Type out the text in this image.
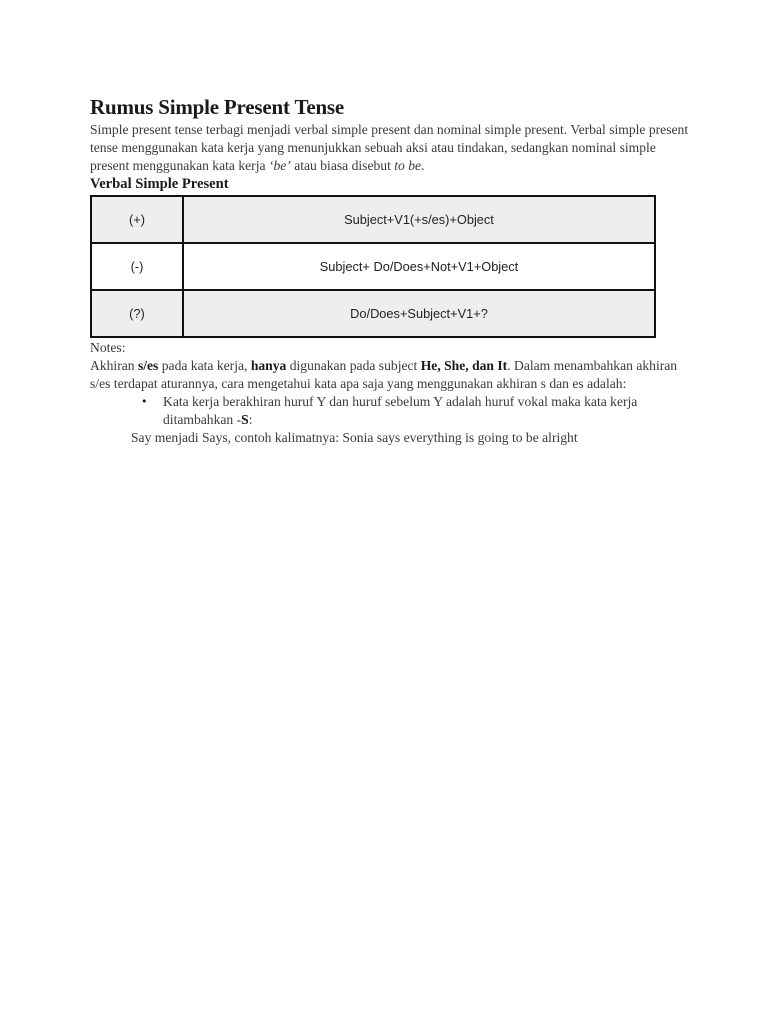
Rumus Simple Present Tense

Simple present tense terbagi menjadi verbal simple present dan nominal simple present. Verbal simple present tense menggunakan kata kerja yang menunjukkan sebuah aksi atau tindakan, sedangkan nominal simple present menggunakan kata kerja ‘be’ atau biasa disebut to be.

Verbal Simple Present
(+)	Subject+V1(+s/es)+Object
(-)	Subject+ Do/Does+Not+V1+Object
(?)	Do/Does+Subject+V1+?
Notes:

Akhiran s/es pada kata kerja, hanya digunakan pada subject He, She, dan It. Dalam menambahkan akhiran s/es terdapat aturannya, cara mengetahui kata apa saja yang menggunakan akhiran s dan es adalah:

• Kata kerja berakhiran huruf Y dan huruf sebelum Y adalah huruf vokal maka kata kerja ditambahkan -S:

Say menjadi Says, contoh kalimatnya: Sonia says everything is going to be alright
